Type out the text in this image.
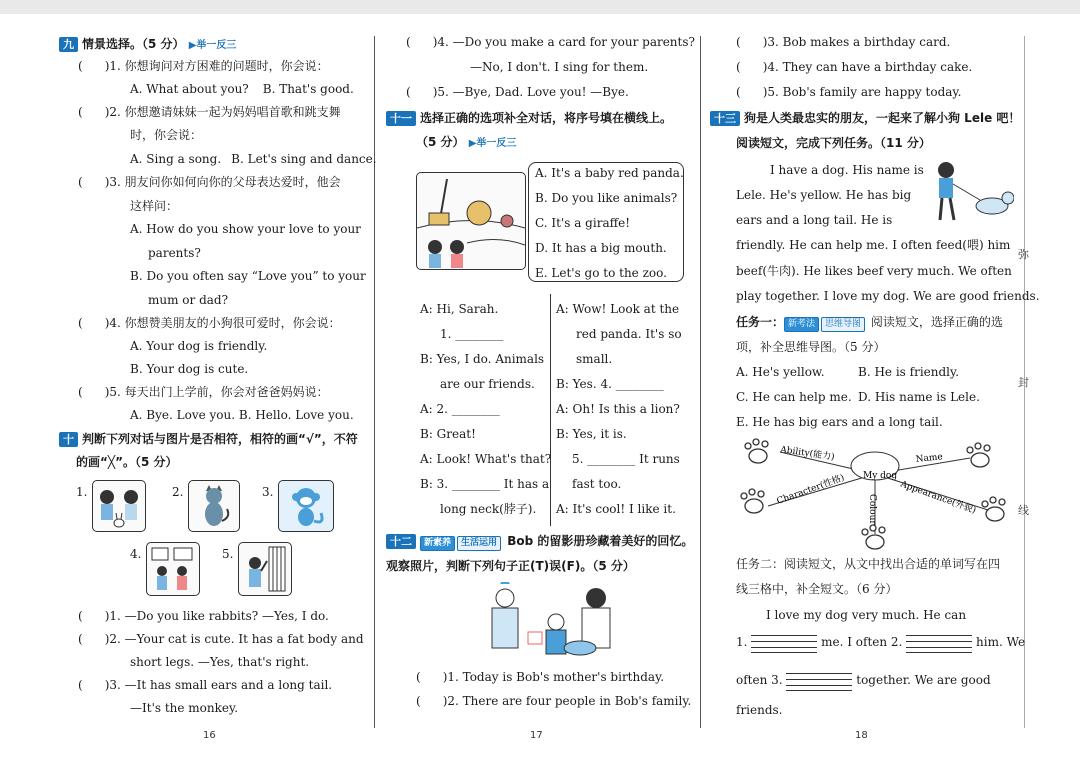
九 情景选择。（5 分） ▶举一反三
( )1. 你想询问对方困难的问题时，你会说：
A. What about you? B. That's good.
( )2. 你想邀请妹妹一起为妈妈唱首歌和跳支舞
时，你会说：
A. Sing a song. B. Let's sing and dance.
( )3. 朋友问你如何向你的父母表达爱时，他会
这样问：
A. How do you show your love to your
parents?
B. Do you often say “Love you” to your
mum or dad?
( )4. 你想赞美朋友的小狗很可爱时，你会说：
A. Your dog is friendly.
B. Your dog is cute.
( )5. 每天出门上学前，你会对爸爸妈妈说：
A. Bye. Love you. B. Hello. Love you.
十 判断下列对话与图片是否相符，相符的画“√”，不符
的画“╳”。（5 分）
1.	2.	3.
4.	5.
( )1. —Do you like rabbits? —Yes, I do.
( )2. —Your cat is cute. It has a fat body and
short legs. —Yes, that's right.
( )3. —It has small ears and a long tail.
—It's the monkey.
16
( )4. —Do you make a card for your parents?
—No, I don't. I sing for them.
( )5. —Bye, Dad. Love you! —Bye.
十一 选择正确的选项补全对话，将序号填在横线上。
（5 分） ▶举一反三
A. It's a baby red panda.
B. Do you like animals?
C. It's a giraffe!
D. It has a big mouth.
E. Let's go to the zoo.
A: Hi, Sarah.
1. ________
B: Yes, I do. Animals
are our friends.
A: 2. ________
B: Great!
A: Look! What's that?
B: 3. ________ It has a
long neck(脖子).
A: Wow! Look at the
red panda. It's so
small.
B: Yes. 4. ________
A: Oh! Is this a lion?
B: Yes, it is.
5. ________ It runs
fast too.
A: It's cool! I like it.
十二 新素养 生活运用 Bob 的留影册珍藏着美好的回忆。
观察照片，判断下列句子正(T)误(F)。（5 分）
( )1. Today is Bob's mother's birthday.
( )2. There are four people in Bob's family.
17
( )3. Bob makes a birthday card.
( )4. They can have a birthday cake.
( )5. Bob's family are happy today.
十三 狗是人类最忠实的朋友，一起来了解小狗 Lele 吧！
阅读短文，完成下列任务。（11 分）
I have a dog. His name is
Lele. He's yellow. He has big
ears and a long tail. He is
friendly. He can help me. I often feed(喂) him
beef(牛肉). He likes beef very much. We often
play together. I love my dog. We are good friends.
任务一： 新考法 思维导图 阅读短文，选择正确的选
项，补全思维导图。（5 分）
A. He's yellow.	B. He is friendly.
C. He can help me. D. His name is Lele.
E. He has big ears and a long tail.
My dog
Ability(能力)	Name
Character(性格)	Appearance(外貌)
Colour
任务二：阅读短文，从文中找出合适的单词写在四
线三格中，补全短文。（6 分）
I love my dog very much. He can
1.	me. I often 2.	him. We
often 3.	together. We are good
friends.
18
弥
封
线
